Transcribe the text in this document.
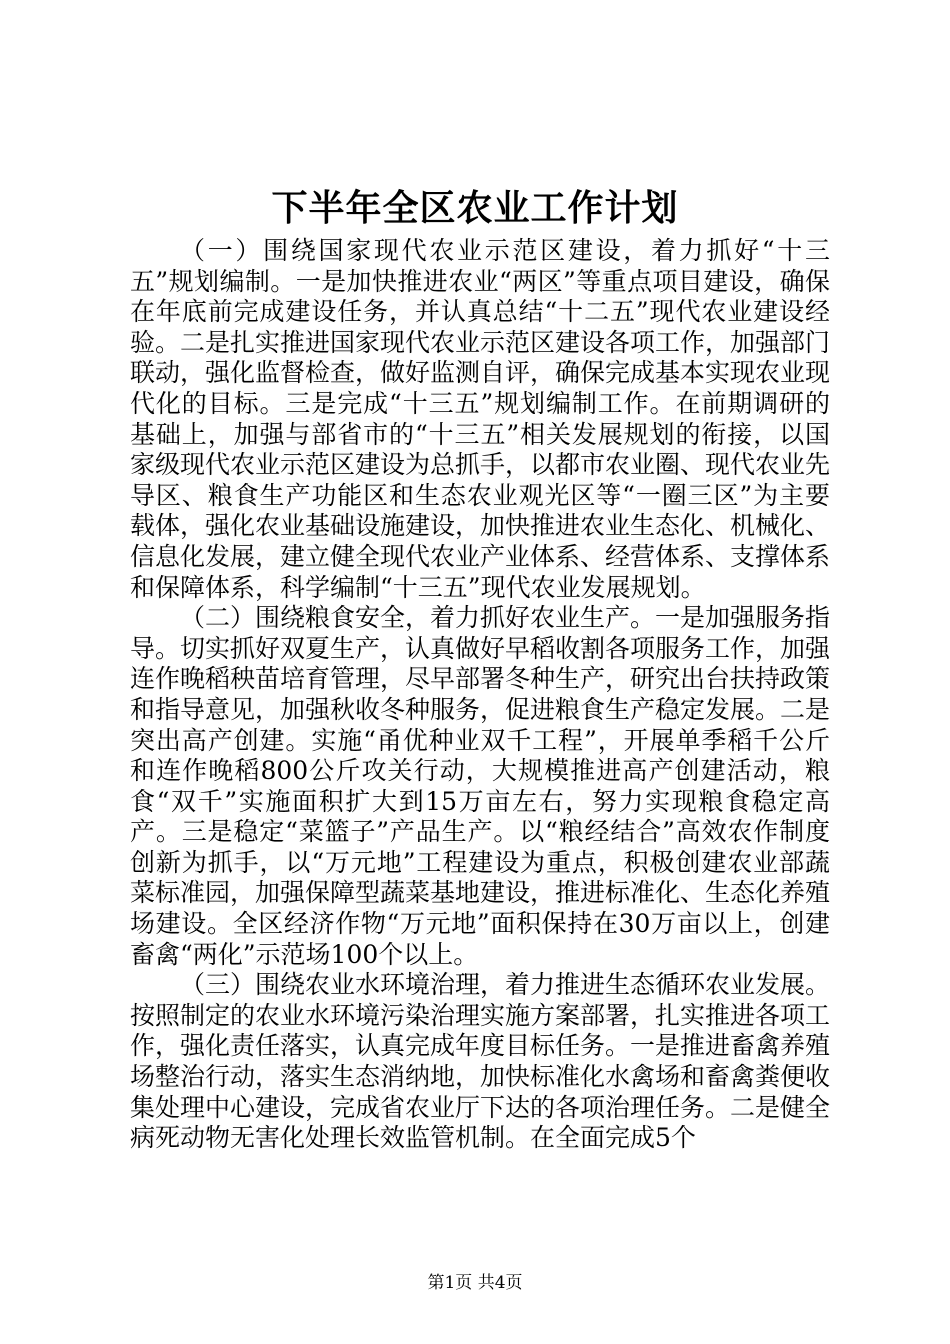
下半年全区农业工作计划

（一）围绕国家现代农业示范区建设，着力抓好“十三五”规划编制。一是加快推进农业“两区”等重点项目建设，确保在年底前完成建设任务，并认真总结“十二五”现代农业建设经验。二是扎实推进国家现代农业示范区建设各项工作，加强部门联动，强化监督检查，做好监测自评，确保完成基本实现农业现代化的目标。三是完成“十三五”规划编制工作。在前期调研的基础上，加强与部省市的“十三五”相关发展规划的衔接，以国家级现代农业示范区建设为总抓手，以都市农业圈、现代农业先导区、粮食生产功能区和生态农业观光区等“一圈三区”为主要载体，强化农业基础设施建设，加快推进农业生态化、机械化、信息化发展，建立健全现代农业产业体系、经营体系、支撑体系和保障体系，科学编制“十三五”现代农业发展规划。

（二）围绕粮食安全，着力抓好农业生产。一是加强服务指导。切实抓好双夏生产，认真做好早稻收割各项服务工作，加强连作晚稻秧苗培育管理，尽早部署冬种生产，研究出台扶持政策和指导意见，加强秋收冬种服务，促进粮食生产稳定发展。二是突出高产创建。实施“甬优种业双千工程”，开展单季稻千公斤和连作晚稻800公斤攻关行动，大规模推进高产创建活动，粮食“双千”实施面积扩大到15万亩左右，努力实现粮食稳定高产。三是稳定“菜篮子”产品生产。以“粮经结合”高效农作制度创新为抓手，以“万元地”工程建设为重点，积极创建农业部蔬菜标准园，加强保障型蔬菜基地建设，推进标准化、生态化养殖场建设。全区经济作物“万元地”面积保持在30万亩以上，创建畜禽“两化”示范场100个以上。

（三）围绕农业水环境治理，着力推进生态循环农业发展。按照制定的农业水环境污染治理实施方案部署，扎实推进各项工作，强化责任落实，认真完成年度目标任务。一是推进畜禽养殖场整治行动，落实生态消纳地，加快标准化水禽场和畜禽粪便收集处理中心建设，完成省农业厅下达的各项治理任务。二是健全病死动物无害化处理长效监管机制。在全面完成5个

第1页 共4页
